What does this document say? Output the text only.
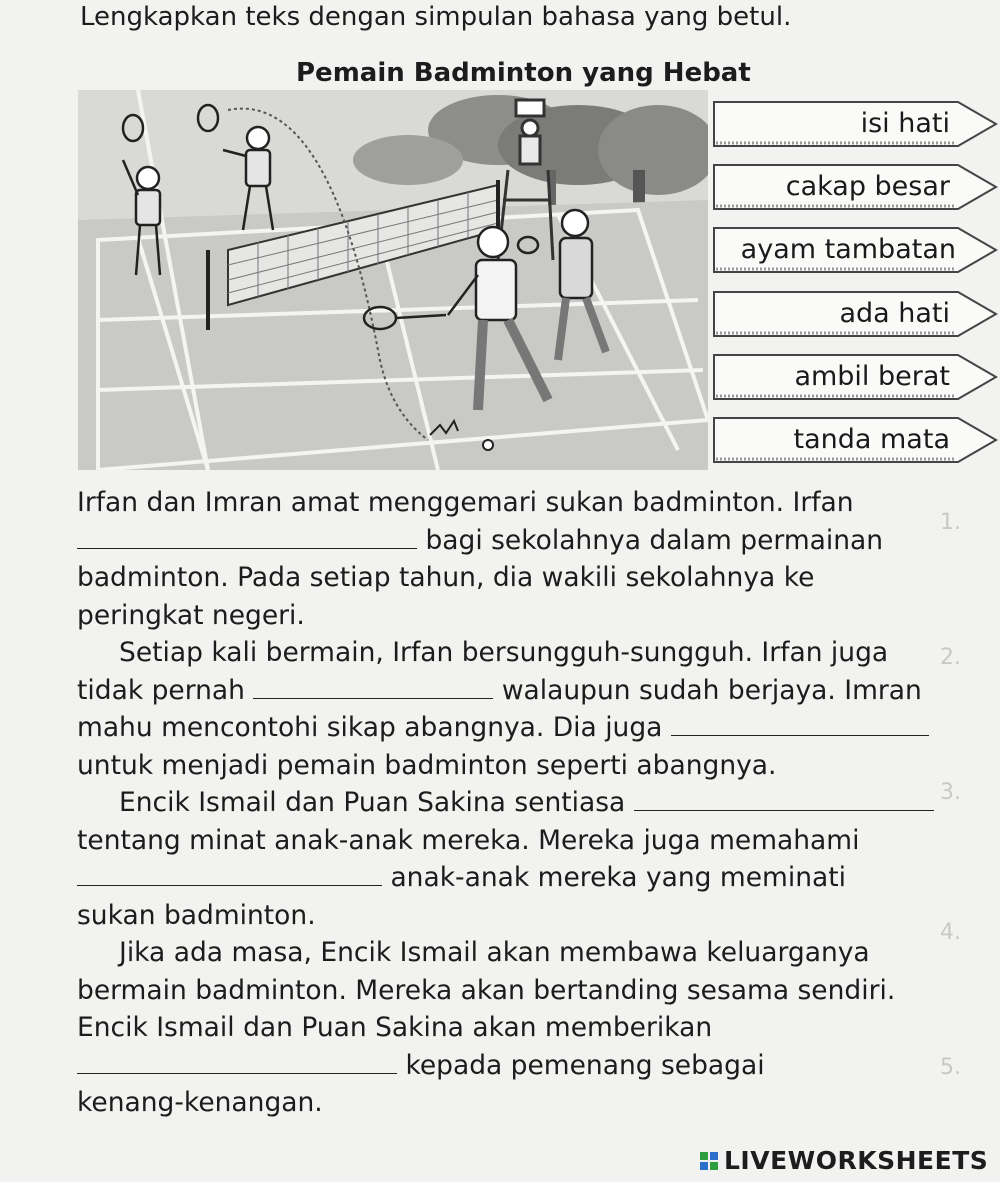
Lengkapkan teks dengan simpulan bahasa yang betul.
Pemain Badminton yang Hebat
1.
2.
3.
4.
5.
isi hati
cakap besar
ayam tambatan
ada hati
ambil berat
tanda mata
Irfan dan Imran amat menggemari sukan badminton. Irfan
bagi sekolahnya dalam permainan
badminton. Pada setiap tahun, dia wakili sekolahnya ke
peringkat negeri.
Setiap kali bermain, Irfan bersungguh-sungguh. Irfan juga
tidak pernah	walaupun sudah berjaya. Imran
mahu mencontohi sikap abangnya. Dia juga
untuk menjadi pemain badminton seperti abangnya.
Encik Ismail dan Puan Sakina sentiasa
tentang minat anak-anak mereka. Mereka juga memahami
anak-anak mereka yang meminati
sukan badminton.
Jika ada masa, Encik Ismail akan membawa keluarganya
bermain badminton. Mereka akan bertanding sesama sendiri.
Encik Ismail dan Puan Sakina akan memberikan
kepada pemenang sebagai
kenang-kenangan.
LIVEWORKSHEETS
